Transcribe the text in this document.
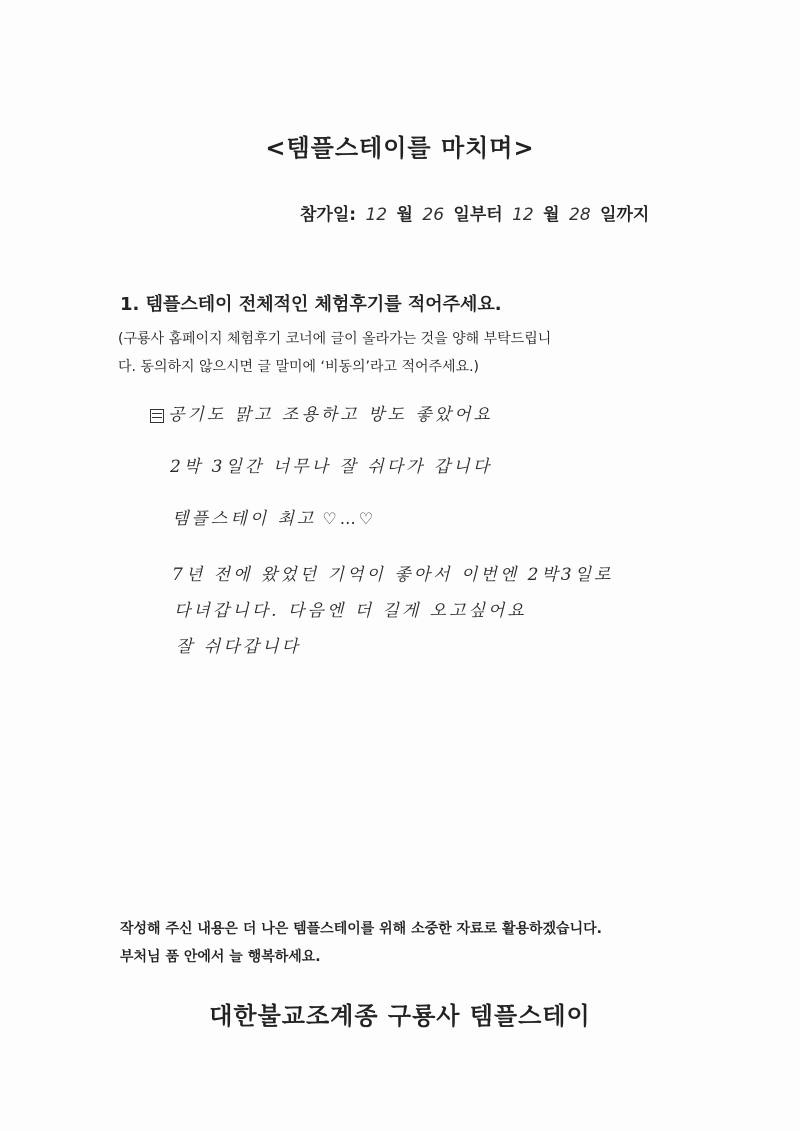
<템플스테이를 마치며>
참가일: 12 월 26 일부터 12 월 28 일까지
1. 템플스테이 전체적인 체험후기를 적어주세요.
(구룡사 홈페이지 체험후기 코너에 글이 올라가는 것을 양해 부탁드립니
다. 동의하지 않으시면 글 말미에 ‘비동의’라고 적어주세요.)
공기도 맑고 조용하고 방도 좋았어요
2박 3일간 너무나 잘 쉬다가 갑니다
템플스테이 최고 ♡…♡
7년 전에 왔었던 기억이 좋아서 이번엔 2박3일로
다녀갑니다. 다음엔 더 길게 오고싶어요
잘 쉬다갑니다
작성해 주신 내용은 더 나은 템플스테이를 위해 소중한 자료로 활용하겠습니다.
부처님 품 안에서 늘 행복하세요.
대한불교조계종 구룡사 템플스테이
